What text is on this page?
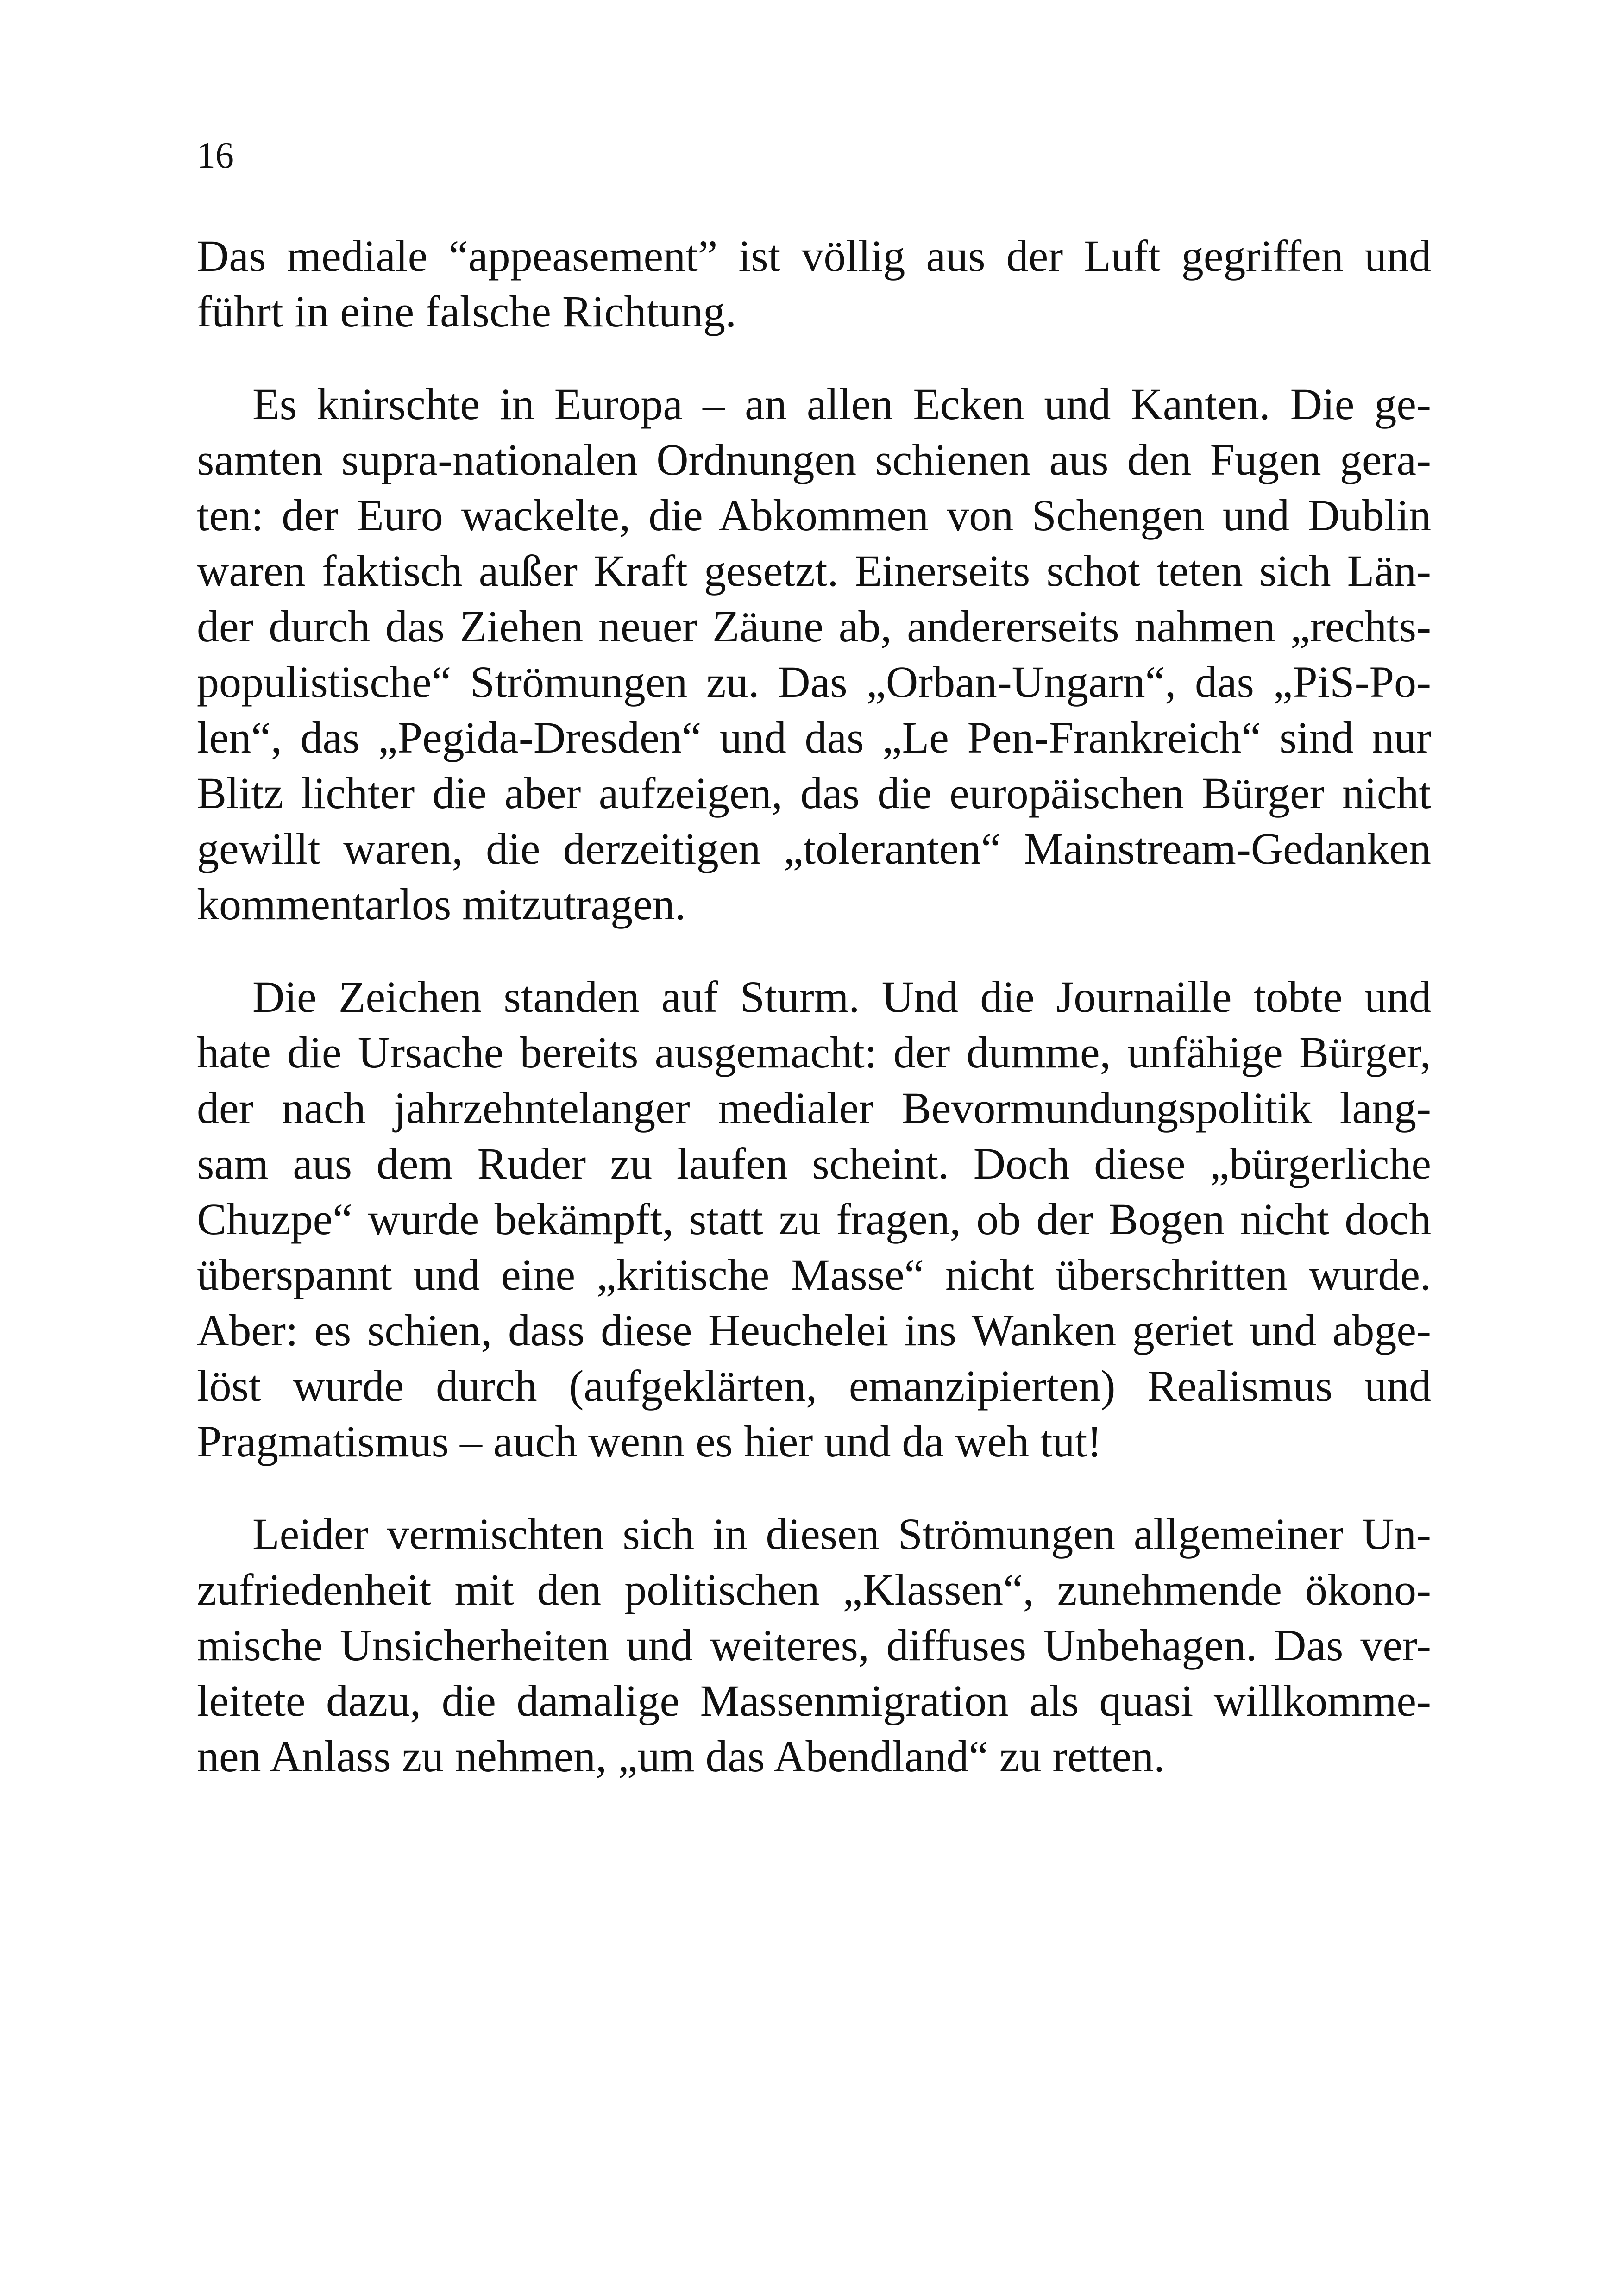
16

Das mediale “appeasement” ist völlig aus der Luft gegriffen und
führt in eine falsche Richtung.

Es knirschte in Europa – an allen Ecken und Kanten. Die ge-
samten supra-nationalen Ordnungen schienen aus den Fugen gera-
ten: der Euro wackelte, die Abkommen von Schengen und Dublin
waren faktisch außer Kraft gesetzt. Einerseits schot teten sich Län-
der durch das Ziehen neuer Zäune ab, andererseits nahmen „rechts-
populistische“ Strömungen zu. Das „Orban-Ungarn“, das „PiS-Po-
len“, das „Pegida-Dresden“ und das „Le Pen-Frankreich“ sind nur
Blitz lichter die aber aufzeigen, das die europäischen Bürger nicht
gewillt waren, die derzeitigen „toleranten“ Mainstream-Gedanken
kommentarlos mitzutragen.

Die Zeichen standen auf Sturm. Und die Journaille tobte und
hate die Ursache bereits ausgemacht: der dumme, unfähige Bürger,
der nach jahrzehntelanger medialer Bevormundungspolitik lang-
sam aus dem Ruder zu laufen scheint. Doch diese „bürgerliche
Chuzpe“ wurde bekämpft, statt zu fragen, ob der Bogen nicht doch
überspannt und eine „kritische Masse“ nicht überschritten wurde.
Aber: es schien, dass diese Heuchelei ins Wanken geriet und abge-
löst wurde durch (aufgeklärten, emanzipierten) Realismus und
Pragmatismus – auch wenn es hier und da weh tut!

Leider vermischten sich in diesen Strömungen allgemeiner Un-
zufriedenheit mit den politischen „Klassen“, zunehmende ökono-
mische Unsicherheiten und weiteres, diffuses Unbehagen. Das ver-
leitete dazu, die damalige Massenmigration als quasi willkomme-
nen Anlass zu nehmen, „um das Abendland“ zu retten.
